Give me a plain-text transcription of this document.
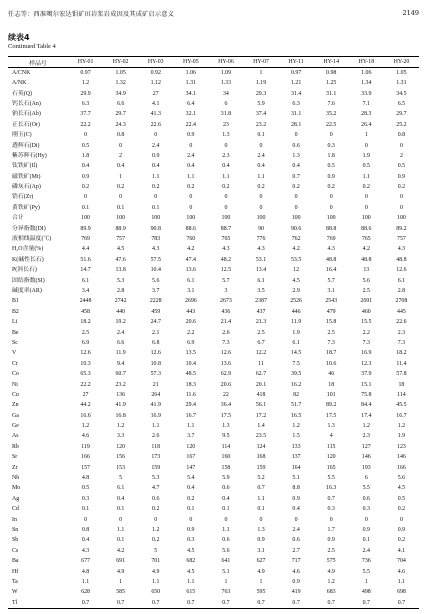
任志等：西准噶尔宏达钼矿田岩浆岩成因及其成矿启示意义	2149
续表4
Continued Table 4
样品号	HY-01	HY-02	HY-03	HY-05	HY-06	HY-07	HY-11	HY-14	HY-18	HY-20
A/CNK	0.97	1.05	0.92	1.06	1.09	1	0.97	0.98	1.06	1.05
A/NK	1.2	1.32	1.12	1.31	1.33	1.19	1.21	1.25	1.34	1.31
石英(Q)	29.9	34.9	27	34.1	34	29.3	31.4	31.1	33.9	34.5
钙长石(An)	6.3	6.6	4.1	6.4	6	5.9	6.3	7.6	7.1	6.5
钠长石(Ab)	37.7	29.7	41.3	32.1	31.8	37.4	31.1	35.2	28.3	29.7
正长石(Or)	22.2	24.3	22.6	22.4	23	23.2	28.1	22.5	26.4	25.2
刚玉(C)	0	0.8	0	0.9	1.3	0.1	0	0	1	0.8
透辉石(Di)	0.5	0	2.4	0	0	0	0.6	0.3	0	0
紫苏辉石(Hy)	1.8	2	0.9	2.4	2.3	2.4	1.3	1.8	1.9	2
钛铁矿(Il)	0.4	0.4	0.4	0.4	0.4	0.4	0.4	0.5	0.5	0.5
磁铁矿(Mt)	0.9	1	1.1	1.1	1.1	1.1	0.7	0.9	1.1	0.9
磷灰石(Ap)	0.2	0.2	0.2	0.2	0.2	0.2	0.2	0.2	0.2	0.2
锆石(Zr)	0	0	0	0	0	0	0	0	0	0
黄铁矿(Py)	0.1	0.1	0.1	0	0	0	0	0	0	0
合计	100	100	100	100	100	100	100	100	100	100
分异指数(DI)	89.9	88.9	90.8	88.6	88.7	90	90.6	88.8	88.6	89.2
液相线温度(℃)	769	757	783	760	765	776	762	769	765	757
H₂O含量(%)	4.4	4.5	4.3	4.2	4.3	4.3	4.2	4.3	4.2	4.3
K(碱性长石)	51.6	47.6	57.5	47.4	48.2	53.1	53.5	48.8	48.8	48.8
P(斜长石)	14.7	13.8	10.4	13.6	12.5	13.4	12	16.4	13	12.6
固结指数(SI)	6.1	5.3	5.6	6.1	5.7	6.1	4.5	5.7	5.6	6.1
碱度率(AR)	3.4	2.8	3.7	3.1	3	3.5	2.9	3.1	2.5	2.8
B1	2448	2742	2228	2696	2673	2387	2526	2543	2691	2708
B2	458	440	459	443	436	437	446	479	460	445
Li	18.2	19.2	24.7	20.6	21.4	21.3	11.9	15.8	15.5	22.6
Be	2.5	2.4	2.1	2.2	2.6	2.5	1.9	2.5	2.2	2.3
Sc	6.9	6.6	6.8	6.9	7.3	6.7	6.1	7.3	7.3	7.3
V	12.6	11.9	12.6	13.5	12.6	12.2	14.5	18.7	16.9	18.2
Cr	10.3	9.4	10.8	10.4	13.6	11	7.5	10.6	12.3	11.4
Co	65.3	60.7	57.3	48.5	62.9	62.7	39.5	46	37.9	57.8
Ni	22.2	23.2	21	18.3	20.6	20.1	16.2	18	15.1	18
Cu	27	136	264	11.6	22	418	82	101	75.8	114
Zn	44.2	41.9	41.9	29.4	36.4	56.1	51.7	89.2	84.4	45.5
Ga	16.6	16.8	16.9	16.7	17.5	17.2	16.5	17.5	17.4	16.7
Ge	1.2	1.2	1.1	1.1	1.3	1.4	1.2	1.3	1.2	1.2
As	4.6	3.3	2.6	3.7	9.5	23.5	1.5	4	2.3	1.9
Rb	119	120	118	120	114	124	133	115	127	123
Sr	166	156	173	167	160	168	137	120	146	146
Zr	157	153	159	147	158	159	164	165	193	166
Nb	4.8	5	5.3	5.4	5.9	5.2	5.1	5.5	6	5.6
Mo	0.5	6.1	4.7	0.4	0.6	0.7	8.8	16.3	5.5	4.5
Ag	0.3	0.4	0.6	0.2	0.4	1.1	0.9	0.7	0.6	0.5
Cd	0.1	0.1	0.2	0.1	0.1	0.1	0.4	0.3	0.3	0.2
In	0	0	0	0	0	0	0	0	0	0
Sn	0.8	1.1	1.2	0.9	1.1	1.3	2.4	1.7	0.9	0.9
Sb	0.4	0.1	0.2	0.3	0.6	0.9	0.6	0.9	0.1	0.2
Cs	4.3	4.2	5	4.5	5.6	3.1	2.7	2.5	2.4	4.1
Ba	677	691	701	682	641	627	717	575	736	704
Hf	4.8	4.9	4.9	4.5	5.1	4.9	4.6	4.9	5.5	4.6
Ta	1.1	1	1.1	1.1	1	1	0.9	1.2	1	1.1
W	628	585	650	615	763	595	419	683	498	698
Tl	0.7	0.7	0.7	0.7	0.7	0.7	0.7	0.7	0.7	0.7
